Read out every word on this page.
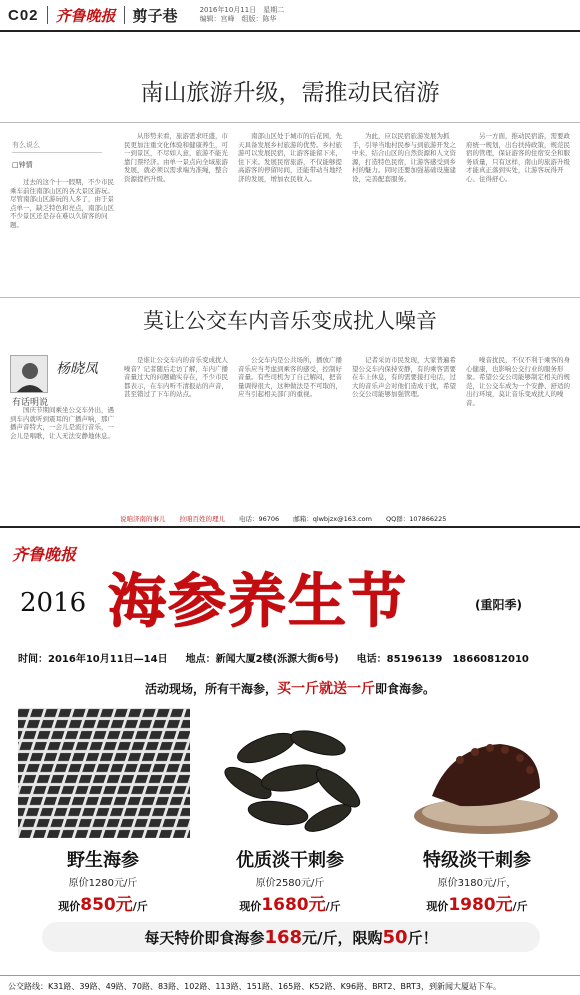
C02 齐鲁晚报 剪子巷	2016年10月11日　星期二
编辑：宫峰　组版：陈华
南山旅游升级，需推动民宿游
有么说么
□钟情

过去的这个十一假期，不少市民乘车前往南部山区的各大景区游玩。尽管南部山区游玩的人多了，由于景点单一，缺乏特色和亮点，南部山区不少景区还是存在难以久留客的问题。

从形势来看，旅游需求旺盛，市民更加注重文化体验和健康养生，可一到景区，不尽如人意，旅游不能光靠门票经济。由单一景点向全域旅游发展，就必须以需求端为准绳，整合资源提档升级。

南部山区处于城市的后花园，先天具备发展乡村旅游的优势。乡村旅游可以发展民宿，让游客能留下来，住下来。发展民宿旅游，不仅能够提高游客的停留时间，还能带动当地经济的发展，增加农民收入。

为此，应以民宿旅游发展为抓手，引导当地村民参与到旅游开发之中来，结合山区的自然资源和人文资源，打造特色民宿，让游客感受到乡村的魅力。同时还要加强基础设施建设，完善配套服务。

另一方面，推动民宿游，需要政府统一规划，出台扶持政策，规范民宿的管理，保证游客的住宿安全和服务质量，只有这样，南山的旅游升级才能真正落到实处，让游客玩得开心、住得舒心。

莫让公交车内音乐变成扰人噪音
杨晓凤
有话明说

国庆节期间乘坐公交车外出，遇到车内就听到震耳的广播声响，那广播声音特大，一会儿是流行音乐，一会儿是唱歌，让人无法安静地休息。

是谁让公交车内的音乐变成扰人噪音？记者随后走访了解，车内广播音量过大的问题确实存在，不少市民都表示，在车内听不清报站的声音，甚至错过了下车的站点。

公交车内是公共场所，播放广播音乐应当考虑到乘客的感受，控制好音量。有些司机为了自己解闷，把音量调得很大，这种做法是不可取的，应当引起相关部门的重视。

记者采访市民发现，大家普遍希望公交车内保持安静，有的乘客需要在车上休息，有的需要接打电话，过大的音乐声会对他们造成干扰，希望公交公司能够加强管理。

噪音扰民，不仅不利于乘客的身心健康，也影响公交行业的服务形象。希望公交公司能够制定相关的规范，让公交车成为一个安静、舒适的出行环境，莫让音乐变成扰人的噪音。

说咱济南的事儿 拉咱百姓的理儿 电话：96706 邮箱：qlwbjzx@163.com QQ群：107866225
齐鲁晚报
2016 海参养生节	(重阳季)
时间：2016年10月11日—14日 地点：新闻大厦2楼(泺源大街6号) 电话：85196139　18660812010
活动现场，所有干海参，买一斤就送一斤即食海参。
野生海参
原价1280元/斤
现价850元/斤
优质淡干刺参
原价2580元/斤
现价1680元/斤
特级淡干刺参
原价3180元/斤，
现价1980元/斤
每天特价即食海参 168 元/斤，限购 50 斤！
公交路线：K31路、39路、49路、70路、83路、102路、113路、151路、165路、K52路、K96路、BRT2、BRT3，到新闻大厦站下车。
